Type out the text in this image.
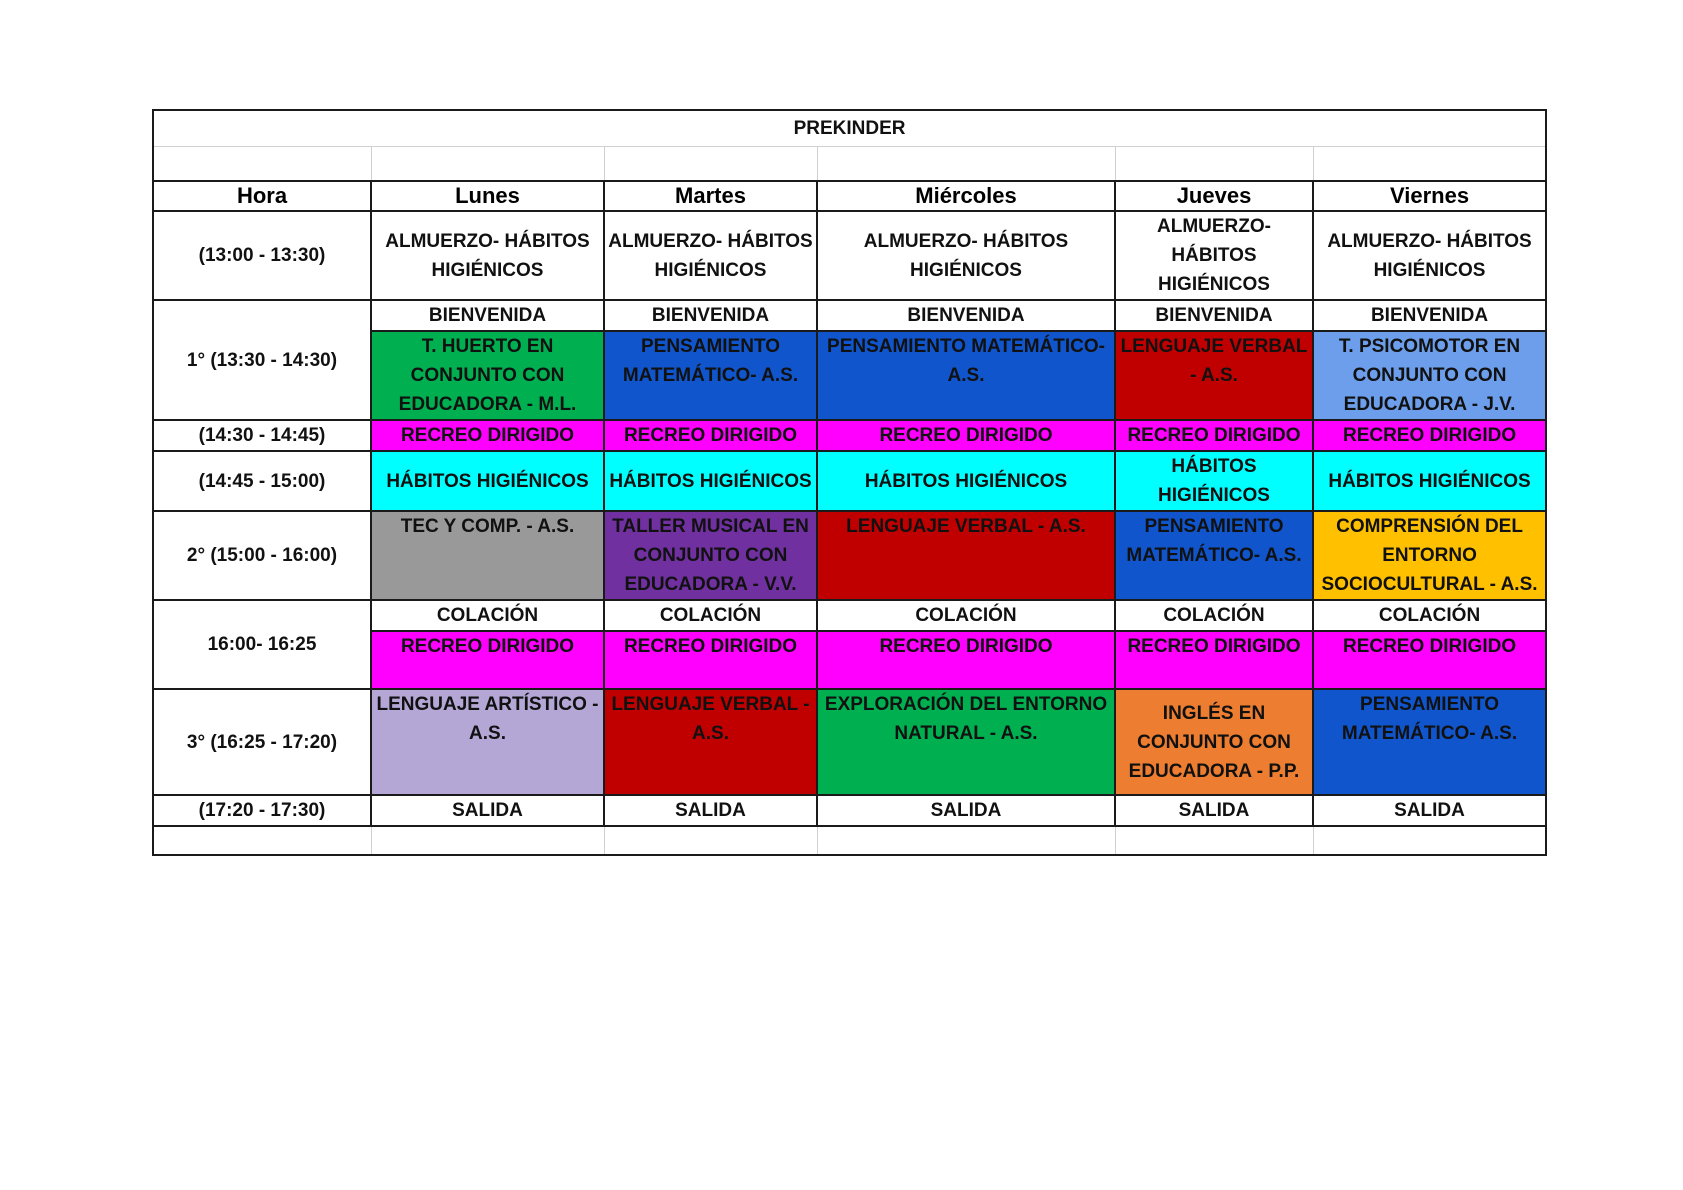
PREKINDER					

Hora	Lunes	Martes	Miércoles	Jueves	Viernes
(13:00 - 13:30)	ALMUERZO- HÁBITOS HIGIÉNICOS	ALMUERZO- HÁBITOS HIGIÉNICOS	ALMUERZO- HÁBITOS HIGIÉNICOS	ALMUERZO- HÁBITOS HIGIÉNICOS	ALMUERZO- HÁBITOS HIGIÉNICOS
1° (13:30 - 14:30)	BIENVENIDA	BIENVENIDA	BIENVENIDA	BIENVENIDA	BIENVENIDA
	T. HUERTO EN CONJUNTO CON EDUCADORA - M.L.	PENSAMIENTO MATEMÁTICO- A.S.	PENSAMIENTO MATEMÁTICO- A.S.	LENGUAJE VERBAL - A.S.	T. PSICOMOTOR EN CONJUNTO CON EDUCADORA - J.V.
(14:30 - 14:45)	RECREO DIRIGIDO	RECREO DIRIGIDO	RECREO DIRIGIDO	RECREO DIRIGIDO	RECREO DIRIGIDO
(14:45 - 15:00)	HÁBITOS HIGIÉNICOS	HÁBITOS HIGIÉNICOS	HÁBITOS HIGIÉNICOS	HÁBITOS HIGIÉNICOS	HÁBITOS HIGIÉNICOS
2° (15:00 - 16:00)	TEC Y COMP. - A.S.	TALLER MUSICAL EN CONJUNTO CON EDUCADORA - V.V.	LENGUAJE VERBAL - A.S.	PENSAMIENTO MATEMÁTICO- A.S.	COMPRENSIÓN DEL ENTORNO SOCIOCULTURAL - A.S.
16:00- 16:25	COLACIÓN	COLACIÓN	COLACIÓN	COLACIÓN	COLACIÓN
	RECREO DIRIGIDO	RECREO DIRIGIDO	RECREO DIRIGIDO	RECREO DIRIGIDO	RECREO DIRIGIDO
3° (16:25 - 17:20)	LENGUAJE ARTÍSTICO - A.S.	LENGUAJE VERBAL - A.S.	EXPLORACIÓN DEL ENTORNO NATURAL - A.S.	INGLÉS EN CONJUNTO CON EDUCADORA - P.P.	PENSAMIENTO MATEMÁTICO- A.S.
(17:20 - 17:30)	SALIDA	SALIDA	SALIDA	SALIDA	SALIDA
